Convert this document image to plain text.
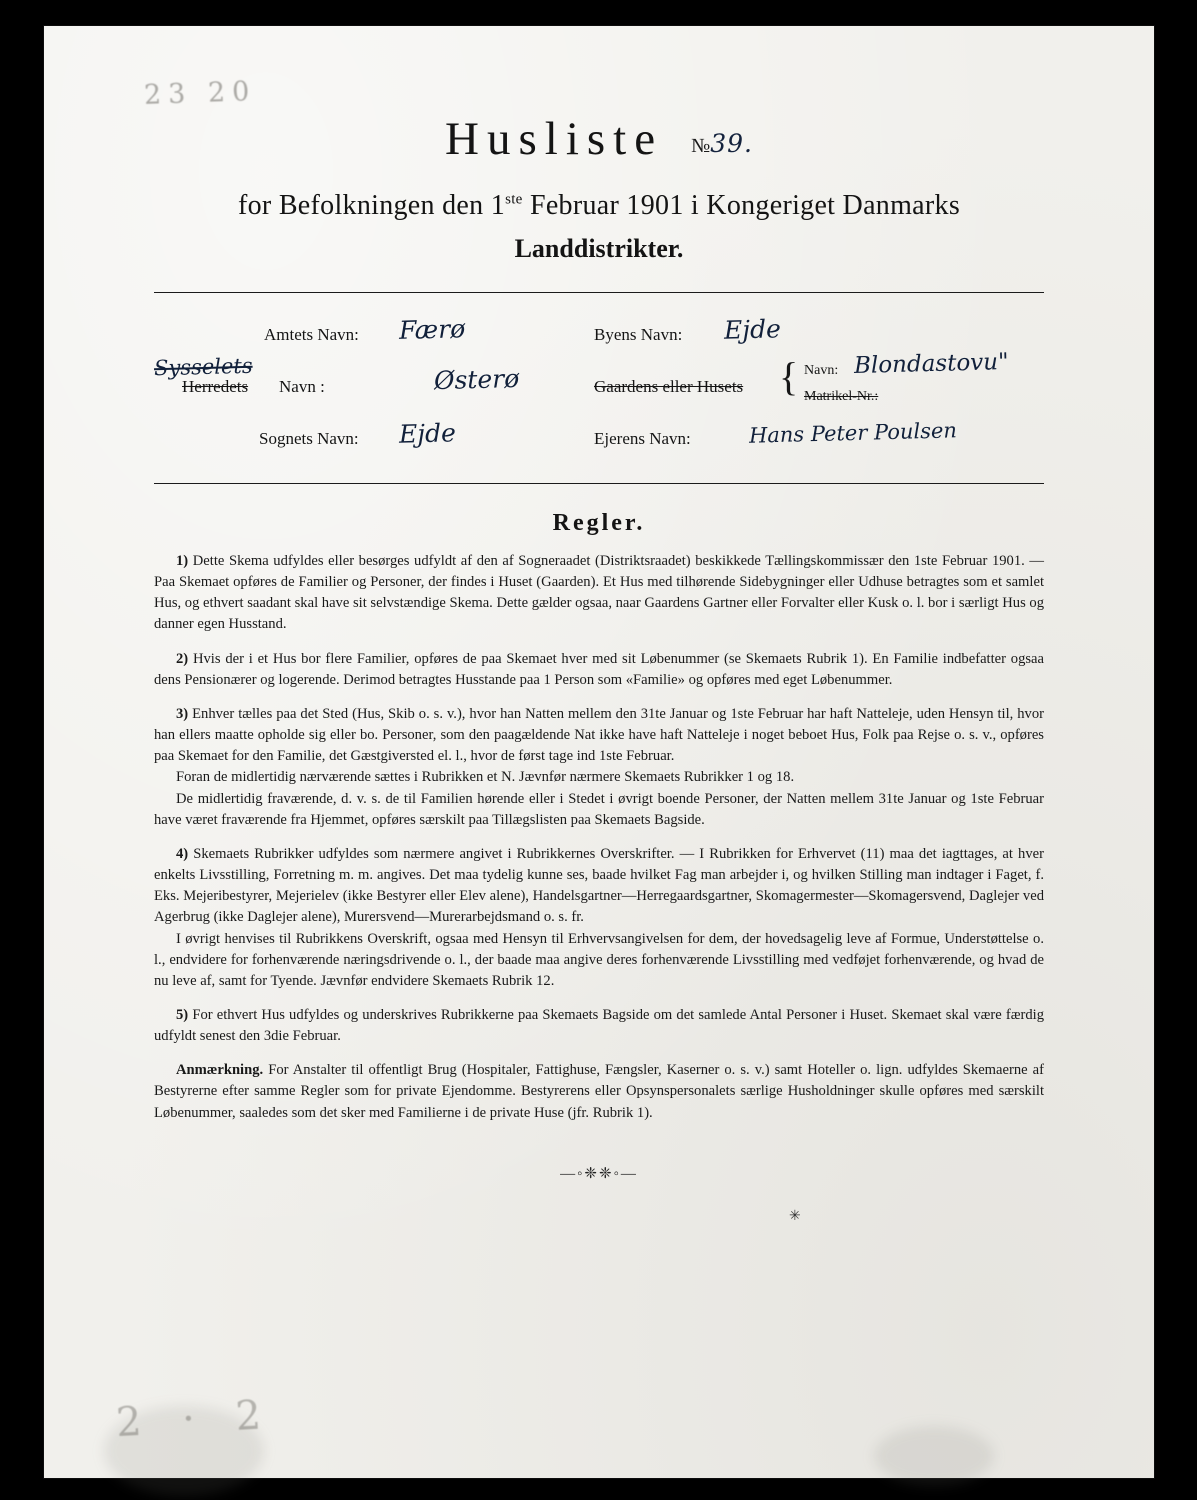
23 20
2 · 2
Husliste №39.
for Befolkningen den 1ste Februar 1901 i Kongeriget Danmarks
Landdistrikter.
Amtets Navn: Færø
Sysselets
Herredets Navn :	Østerø
Sognets Navn: Ejde
Byens Navn: Ejde
Gaardens eller Husets { Navn: Blondastovu"
Matrikel-Nr.:
Ejerens Navn:	Hans Peter Poulsen
Regler.

1) Dette Skema udfyldes eller besørges udfyldt af den af Sogneraadet (Distriktsraadet) beskikkede Tællingskommissær den 1ste Februar 1901. — Paa Skemaet opføres de Familier og Personer, der findes i Huset (Gaarden). Et Hus med tilhørende Sidebygninger eller Udhuse betragtes som et samlet Hus, og ethvert saadant skal have sit selvstændige Skema. Dette gælder ogsaa, naar Gaardens Gartner eller Forvalter eller Kusk o. l. bor i særligt Hus og danner egen Husstand.

2) Hvis der i et Hus bor flere Familier, opføres de paa Skemaet hver med sit Løbenummer (se Skemaets Rubrik 1). En Familie indbefatter ogsaa dens Pensionærer og logerende. Derimod betragtes Husstande paa 1 Person som «Familie» og opføres med eget Løbenummer.

3) Enhver tælles paa det Sted (Hus, Skib o. s. v.), hvor han Natten mellem den 31te Januar og 1ste Februar har haft Natteleje, uden Hensyn til, hvor han ellers maatte opholde sig eller bo. Personer, som den paagældende Nat ikke have haft Natteleje i noget beboet Hus, Folk paa Rejse o. s. v., opføres paa Skemaet for den Familie, det Gæstgiversted el. l., hvor de først tage ind 1ste Februar.

Foran de midlertidig nærværende sættes i Rubrikken et N. Jævnfør nærmere Skemaets Rubrikker 1 og 18.

De midlertidig fraværende, d. v. s. de til Familien hørende eller i Stedet i øvrigt boende Personer, der Natten mellem 31te Januar og 1ste Februar have været fraværende fra Hjemmet, opføres særskilt paa Tillægslisten paa Skemaets Bagside.

4) Skemaets Rubrikker udfyldes som nærmere angivet i Rubrikkernes Overskrifter. — I Rubrikken for Erhvervet (11) maa det iagttages, at hver enkelts Livsstilling, Forretning m. m. angives. Det maa tydelig kunne ses, baade hvilket Fag man arbejder i, og hvilken Stilling man indtager i Faget, f. Eks. Mejeribestyrer, Mejerielev (ikke Bestyrer eller Elev alene), Handelsgartner—Herregaardsgartner, Skomagermester—Skomagersvend, Daglejer ved Agerbrug (ikke Daglejer alene), Murersvend—Murerarbejdsmand o. s. fr.

I øvrigt henvises til Rubrikkens Overskrift, ogsaa med Hensyn til Erhvervsangivelsen for dem, der hovedsagelig leve af Formue, Understøttelse o. l., endvidere for forhenværende næringsdrivende o. l., der baade maa angive deres forhenværende Livsstilling med vedføjet forhenværende, og hvad de nu leve af, samt for Tyende. Jævnfør endvidere Skemaets Rubrik 12.

5) For ethvert Hus udfyldes og underskrives Rubrikkerne paa Skemaets Bagside om det samlede Antal Personer i Huset. Skemaet skal være færdig udfyldt senest den 3die Februar.

Anmærkning. For Anstalter til offentligt Brug (Hospitaler, Fattighuse, Fængsler, Kaserner o. s. v.) samt Hoteller o. lign. udfyldes Skemaerne af Bestyrerne efter samme Regler som for private Ejendomme. Bestyrerens eller Opsynspersonalets særlige Husholdninger skulle opføres med særskilt Løbenummer, saaledes som det sker med Familierne i de private Huse (jfr. Rubrik 1).

—◦❈❈◦—
✳
